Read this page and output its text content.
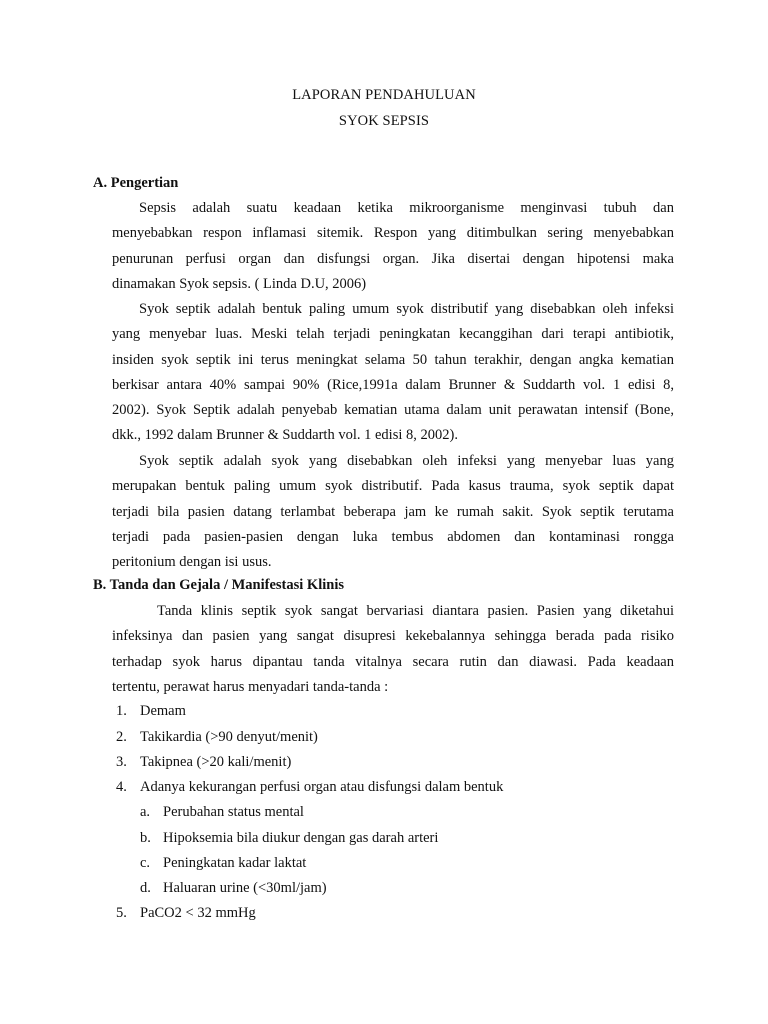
LAPORAN PENDAHULUAN
SYOK SEPSIS
A. Pengertian
Sepsis adalah suatu keadaan ketika mikroorganisme menginvasi tubuh dan
menyebabkan respon inflamasi sitemik. Respon yang ditimbulkan sering menyebabkan
penurunan perfusi organ dan disfungsi organ. Jika disertai dengan hipotensi maka
dinamakan Syok sepsis. ( Linda D.U, 2006)
Syok septik adalah bentuk paling umum syok distributif yang disebabkan oleh infeksi
yang menyebar luas. Meski telah terjadi peningkatan kecanggihan dari terapi antibiotik,
insiden syok septik ini terus meningkat selama 50 tahun terakhir, dengan angka kematian
berkisar antara 40% sampai 90% (Rice,1991a dalam Brunner & Suddarth vol. 1 edisi 8,
2002). Syok Septik adalah penyebab kematian utama dalam unit perawatan intensif (Bone,
dkk., 1992 dalam Brunner & Suddarth vol. 1 edisi 8, 2002).
Syok septik adalah syok yang disebabkan oleh infeksi yang menyebar luas yang
merupakan bentuk paling umum syok distributif. Pada kasus trauma, syok septik dapat
terjadi bila pasien datang terlambat beberapa jam ke rumah sakit. Syok septik terutama
terjadi pada pasien-pasien dengan luka tembus abdomen dan kontaminasi rongga
peritonium dengan isi usus.
B. Tanda dan Gejala / Manifestasi Klinis
Tanda klinis septik syok sangat bervariasi diantara pasien. Pasien yang diketahui
infeksinya dan pasien yang sangat disupresi kekebalannya sehingga berada pada risiko
terhadap syok harus dipantau tanda vitalnya secara rutin dan diawasi. Pada keadaan
tertentu, perawat harus menyadari tanda-tanda :
1. Demam
2. Takikardia (>90 denyut/menit)
3. Takipnea (>20 kali/menit)
4. Adanya kekurangan perfusi organ atau disfungsi dalam bentuk
a. Perubahan status mental
b. Hipoksemia bila diukur dengan gas darah arteri
c. Peningkatan kadar laktat
d. Haluaran urine (<30ml/jam)
5. PaCO2 < 32 mmHg
